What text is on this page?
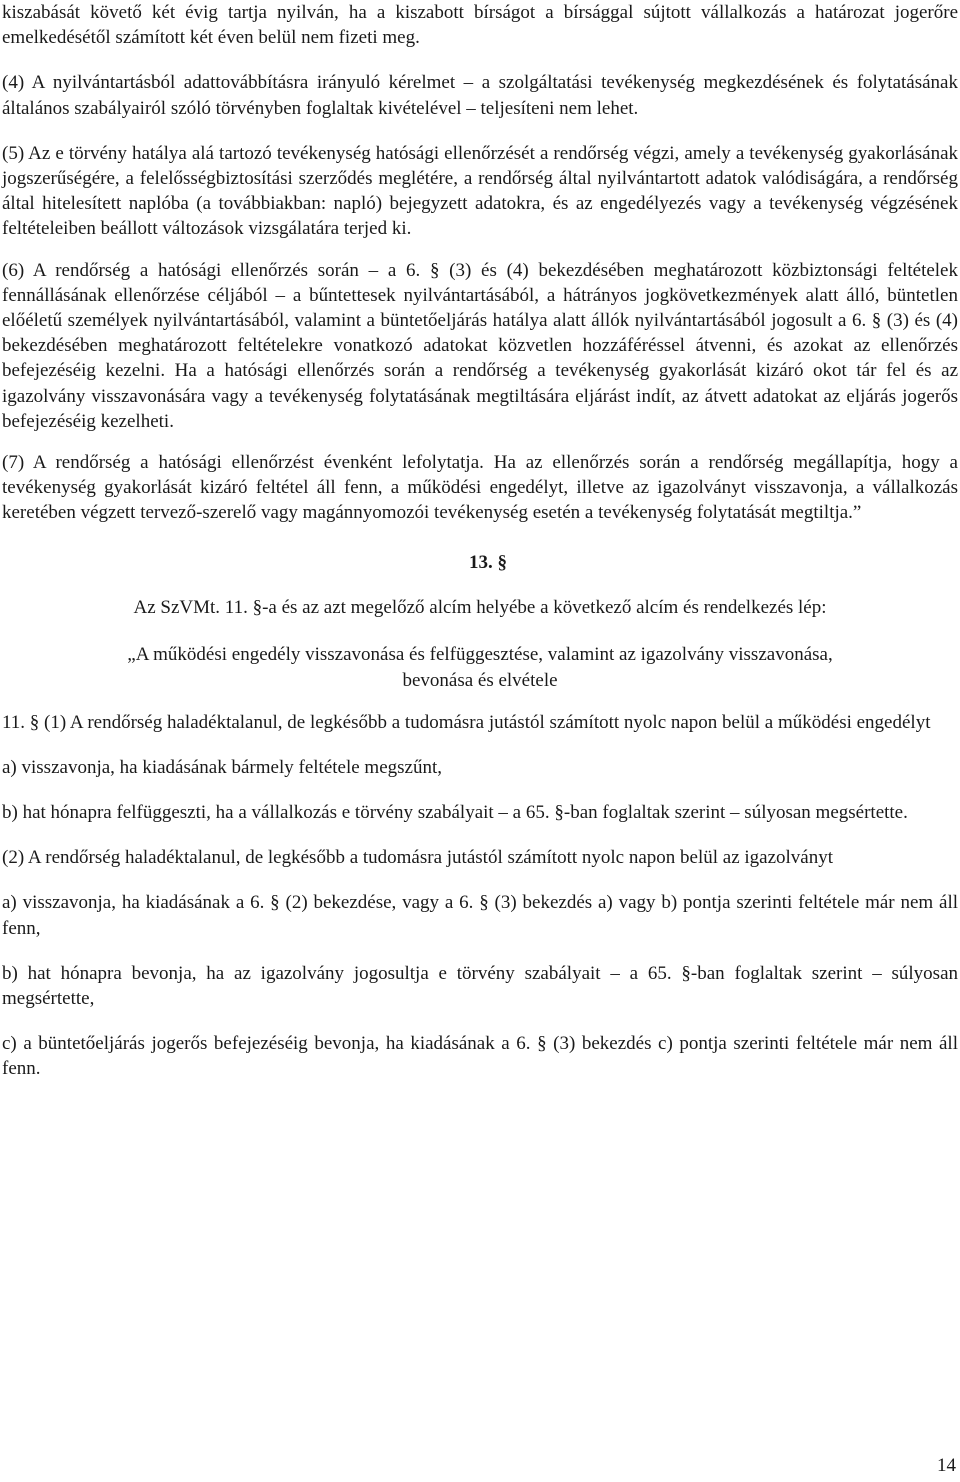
kiszabását követő két évig tartja nyilván, ha a kiszabott bírságot a bírsággal sújtott vállalkozás a határozat jogerőre emelkedésétől számított két éven belül nem fizeti meg.

(4) A nyilvántartásból adattovábbításra irányuló kérelmet – a szolgáltatási tevékenység megkezdésének és folytatásának általános szabályairól szóló törvényben foglaltak kivételével – teljesíteni nem lehet.

(5) Az e törvény hatálya alá tartozó tevékenység hatósági ellenőrzését a rendőrség végzi, amely a tevékenység gyakorlásának jogszerűségére, a felelősségbiztosítási szerződés meglétére, a rendőrség által nyilvántartott adatok valódiságára, a rendőrség által hitelesített naplóba (a továbbiakban: napló) bejegyzett adatokra, és az engedélyezés vagy a tevékenység végzésének feltételeiben beállott változások vizsgálatára terjed ki.

(6) A rendőrség a hatósági ellenőrzés során – a 6. § (3) és (4) bekezdésében meghatározott közbiztonsági feltételek fennállásának ellenőrzése céljából – a bűntettesek nyilvántartásából, a hátrányos jogkövetkezmények alatt álló, büntetlen előéletű személyek nyilvántartásából, valamint a büntetőeljárás hatálya alatt állók nyilvántartásából jogosult a 6. § (3) és (4) bekezdésében meghatározott feltételekre vonatkozó adatokat közvetlen hozzáféréssel átvenni, és azokat az ellenőrzés befejezéséig kezelni. Ha a hatósági ellenőrzés során a rendőrség a tevékenység gyakorlását kizáró okot tár fel és az igazolvány visszavonására vagy a tevékenység folytatásának megtiltására eljárást indít, az átvett adatokat az eljárás jogerős befejezéséig kezelheti.

(7) A rendőrség a hatósági ellenőrzést évenként lefolytatja. Ha az ellenőrzés során a rendőrség megállapítja, hogy a tevékenység gyakorlását kizáró feltétel áll fenn, a működési engedélyt, illetve az igazolványt visszavonja, a vállalkozás keretében végzett tervező-szerelő vagy magánnyomozói tevékenység esetén a tevékenység folytatását megtiltja.”

13. §
Az SzVMt. 11. §-a és az azt megelőző alcím helyébe a következő alcím és rendelkezés lép:
„A működési engedély visszavonása és felfüggesztése, valamint az igazolvány visszavonása,
bevonása és elvétele

11. § (1) A rendőrség haladéktalanul, de legkésőbb a tudomásra jutástól számított nyolc napon belül a működési engedélyt

a) visszavonja, ha kiadásának bármely feltétele megszűnt,

b) hat hónapra felfüggeszti, ha a vállalkozás e törvény szabályait – a 65. §-ban foglaltak szerint – súlyosan megsértette.

(2) A rendőrség haladéktalanul, de legkésőbb a tudomásra jutástól számított nyolc napon belül az igazolványt

a) visszavonja, ha kiadásának a 6. § (2) bekezdése, vagy a 6. § (3) bekezdés a) vagy b) pontja szerinti feltétele már nem áll fenn,

b) hat hónapra bevonja, ha az igazolvány jogosultja e törvény szabályait – a 65. §-ban foglaltak szerint – súlyosan megsértette,

c) a büntetőeljárás jogerős befejezéséig bevonja, ha kiadásának a 6. § (3) bekezdés c) pontja szerinti feltétele már nem áll fenn.

14
